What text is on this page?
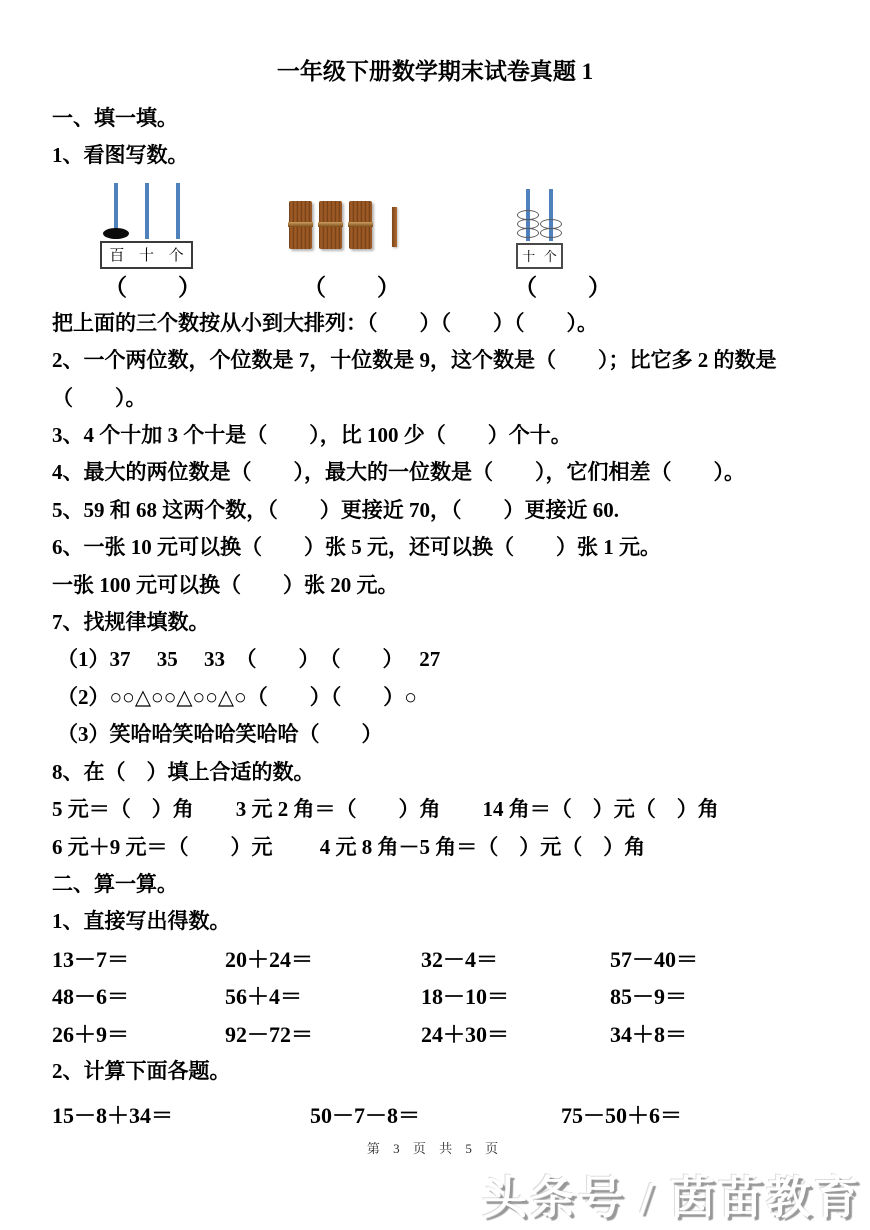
一年级下册数学期末试卷真题 1
一、填一填。
1、看图写数。
百 十 个	十 个
（　）	（　）	（　）
把上面的三个数按从小到大排列：（　　）（　　）（　　）。
2、一个两位数，个位数是 7，十位数是 9，这个数是（　　）；比它多 2 的数是（　　）。
3、4 个十加 3 个十是（　　），比 100 少（　　）个十。
4、最大的两位数是（　　），最大的一位数是（　　），它们相差（　　）。
5、59 和 68 这两个数，（　　）更接近 70，（　　）更接近 60.
6、一张 10 元可以换（　　）张 5 元，还可以换（　　）张 1 元。
一张 100 元可以换（　　）张 20 元。
7、找规律填数。
（1）37　 35　 33　（　　）　（　　）　 27
（2）○○△○○△○○△○（　　）（　　）○
（3）笑哈哈笑哈哈笑哈哈（　　）
8、在（　）填上合适的数。
5 元＝（　）角　　3 元 2 角＝（　　）角　　14 角＝（　）元（　）角
6 元＋9 元＝（　　）元　　 4 元 8 角－5 角＝（　）元（　）角
二、算一算。
1、直接写出得数。
13－7＝	20＋24＝	32－4＝	57－40＝
48－6＝	56＋4＝	18－10＝	85－9＝
26＋9＝	92－72＝	24＋30＝	34＋8＝
2、计算下面各题。
15－8＋34＝	50－7－8＝	75－50＋6＝
第 3 页 共 5 页
头条号 / 茵苗教育
